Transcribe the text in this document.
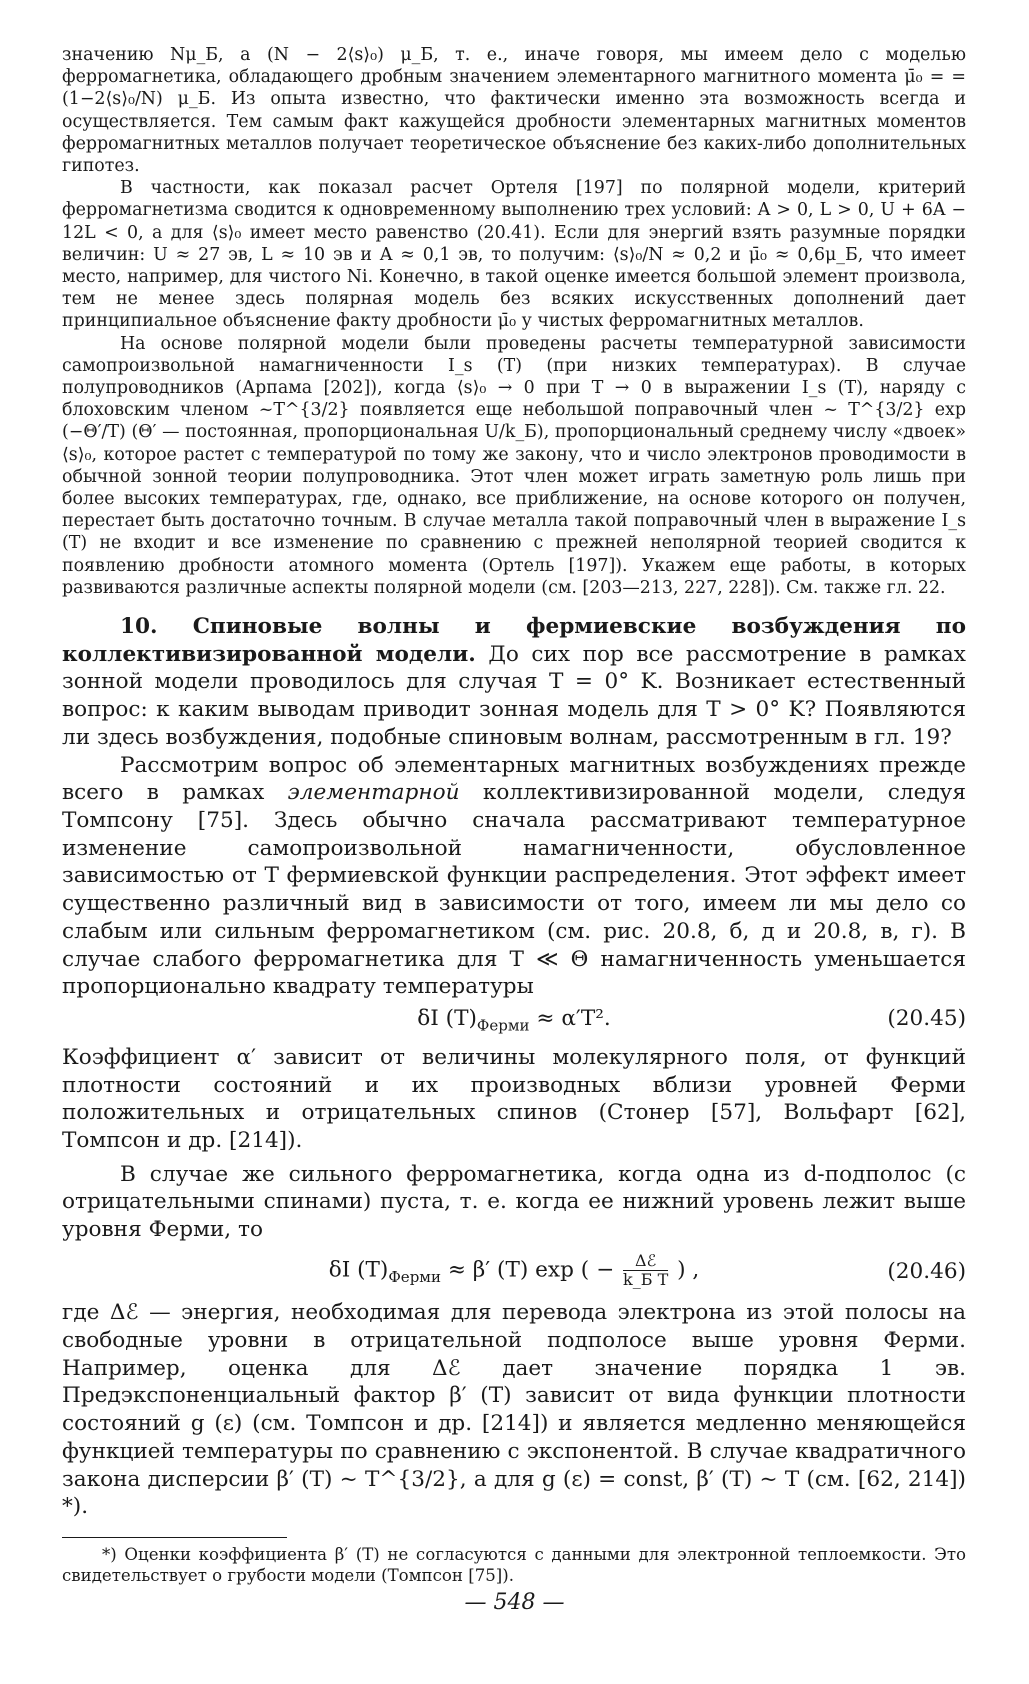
значению Nμ_Б, а (N − 2⟨s⟩₀) μ_Б, т. е., иначе говоря, мы имеем дело с моделью ферромагнетика, обладающего дробным значением элементарного магнитного момента μ̄₀ = = (1−2⟨s⟩₀/N) μ_Б. Из опыта известно, что фактически именно эта возможность всегда и осуществляется. Тем самым факт кажущейся дробности элементарных магнитных моментов ферромагнитных металлов получает теоретическое объяснение без каких-либо дополнительных гипотез.

В частности, как показал расчет Ортеля [197] по полярной модели, критерий ферромагнетизма сводится к одновременному выполнению трех условий: A > 0, L > 0, U + 6A − 12L < 0, а для ⟨s⟩₀ имеет место равенство (20.41). Если для энергий взять разумные порядки величин: U ≈ 27 эв, L ≈ 10 эв и A ≈ 0,1 эв, то получим: ⟨s⟩₀/N ≈ 0,2 и μ̄₀ ≈ 0,6μ_Б, что имеет место, например, для чистого Ni. Конечно, в такой оценке имеется большой элемент произвола, тем не менее здесь полярная модель без всяких искусственных дополнений дает принципиальное объяснение факту дробности μ̄₀ у чистых ферромагнитных металлов.

На основе полярной модели были проведены расчеты температурной зависимости самопроизвольной намагниченности I_s (T) (при низких температурах). В случае полупроводников (Арпама [202]), когда ⟨s⟩₀ → 0 при T → 0 в выражении I_s (T), наряду с блоховским членом ~T^{3/2} появляется еще небольшой поправочный член ~ T^{3/2} exp (−Θ′/T) (Θ′ — постоянная, пропорциональная U/k_Б), пропорциональный среднему числу «двоек» ⟨s⟩₀, которое растет с температурой по тому же закону, что и число электронов проводимости в обычной зонной теории полупроводника. Этот член может играть заметную роль лишь при более высоких температурах, где, однако, все приближение, на основе которого он получен, перестает быть достаточно точным. В случае металла такой поправочный член в выражение I_s (T) не входит и все изменение по сравнению с прежней неполярной теорией сводится к появлению дробности атомного момента (Ортель [197]). Укажем еще работы, в которых развиваются различные аспекты полярной модели (см. [203—213, 227, 228]). См. также гл. 22.

10. Спиновые волны и фермиевские возбуждения по коллективизированной модели. До сих пор все рассмотрение в рамках зонной модели проводилось для случая T = 0° K. Возникает естественный вопрос: к каким выводам приводит зонная модель для T > 0° K? Появляются ли здесь возбуждения, подобные спиновым волнам, рассмотренным в гл. 19?

Рассмотрим вопрос об элементарных магнитных возбуждениях прежде всего в рамках элементарной коллективизированной модели, следуя Томпсону [75]. Здесь обычно сначала рассматривают температурное изменение самопроизвольной намагниченности, обусловленное зависимостью от T фермиевской функции распределения. Этот эффект имеет существенно различный вид в зависимости от того, имеем ли мы дело со слабым или сильным ферромагнетиком (см. рис. 20.8, б, д и 20.8, в, г). В случае слабого ферромагнетика для T ≪ Θ намагниченность уменьшается пропорционально квадрату температуры

δI $(T)_{Ферми} \approx \alpha'T^2$.	(20.45)

Коэффициент α′ зависит от величины молекулярного поля, от функций плотности состояний и их производных вблизи уровней Ферми положительных и отрицательных спинов (Стонер [57], Вольфарт [62], Томпсон и др. [214]).

В случае же сильного ферромагнетика, когда одна из d-подполос (с отрицательными спинами) пуста, т. е. когда ее нижний уровень лежит выше уровня Ферми, то

δI $(T)_{Ферми} \approx \beta'$ (T) exp ( − $\frac{\text{Δℰ}}{\text{k\_Б T}}$ ) ,	(20.46)

где Δℰ — энергия, необходимая для перевода электрона из этой полосы на свободные уровни в отрицательной подполосе выше уровня Ферми. Например, оценка для Δℰ дает значение порядка 1 эв. Предэкспоненциальный фактор β′ (T) зависит от вида функции плотности состояний g (ε) (см. Томпсон и др. [214]) и является медленно меняющейся функцией температуры по сравнению с экспонентой. В случае квадратичного закона дисперсии β′ (T) ~ T^{3/2}, а для g (ε) = const, β′ (T) ~ T (см. [62, 214]) *).

*) Оценки коэффициента β′ (T) не согласуются с данными для электронной теплоемкости. Это свидетельствует о грубости модели (Томпсон [75]).
— 548 —
